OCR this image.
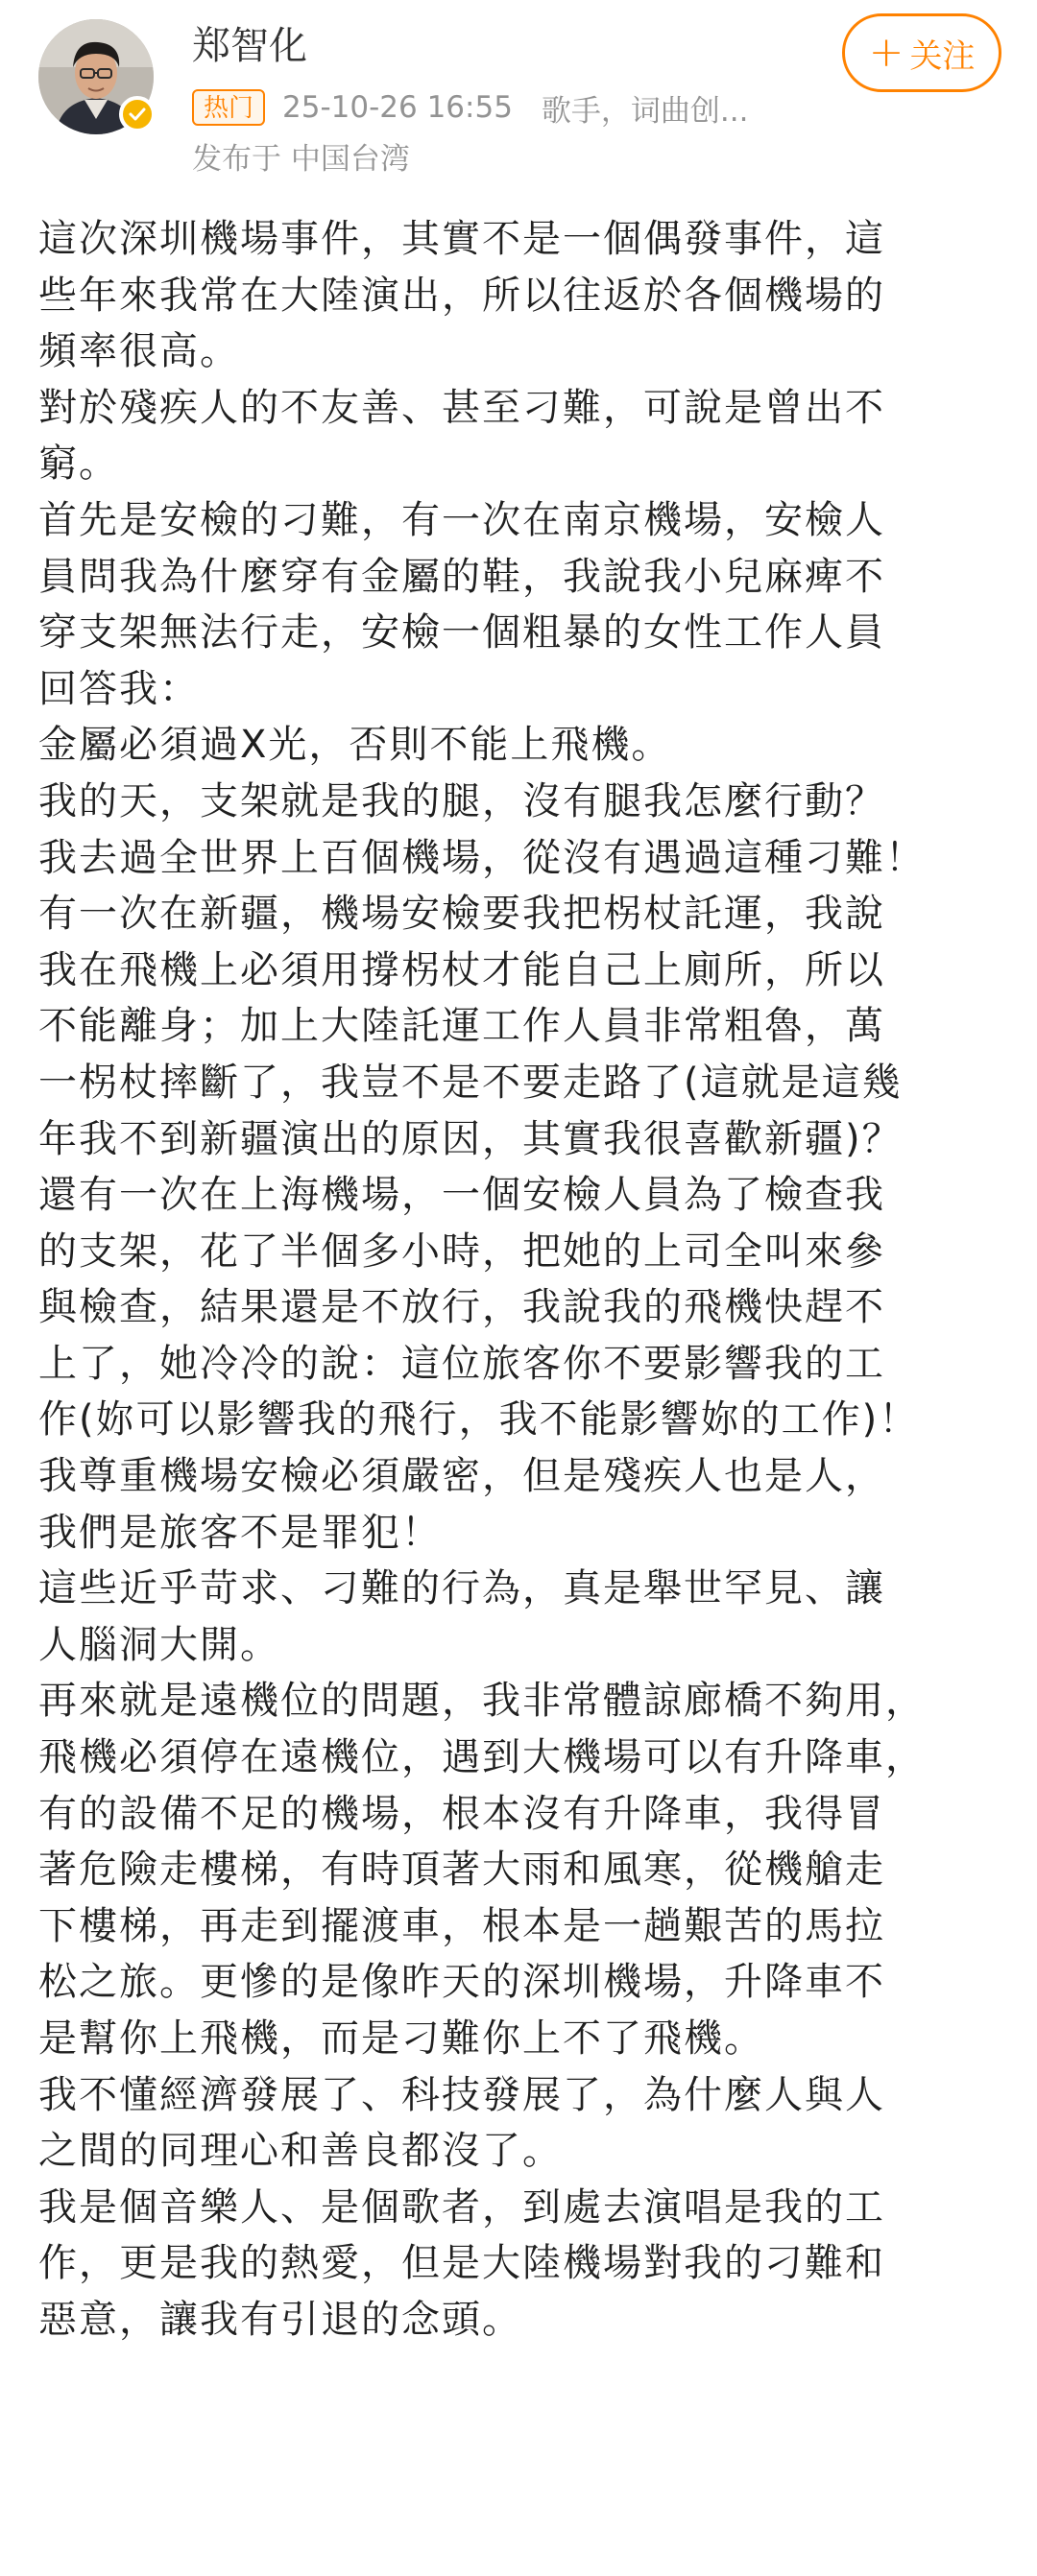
郑智化
热门 25-10-26 16:55 歌手，词曲创...
发布于 中国台湾
+ 关注
這次深圳機場事件，其實不是一個偶發事件，這
些年來我常在大陸演出，所以往返於各個機場的
頻率很高。
對於殘疾人的不友善、甚至刁難，可說是曾出不
窮。
首先是安檢的刁難，有一次在南京機場，安檢人
員問我為什麼穿有金屬的鞋，我說我小兒麻痺不
穿支架無法行走，安檢一個粗暴的女性工作人員
回答我：
金屬必須過X光，否則不能上飛機。
我的天，支架就是我的腿，沒有腿我怎麼行動？
我去過全世界上百個機場，從沒有遇過這種刁難！
有一次在新疆，機場安檢要我把柺杖託運，我說
我在飛機上必須用撐柺杖才能自己上廁所，所以
不能離身；加上大陸託運工作人員非常粗魯，萬
一柺杖摔斷了，我豈不是不要走路了(這就是這幾
年我不到新疆演出的原因，其實我很喜歡新疆)？
還有一次在上海機場，一個安檢人員為了檢查我
的支架，花了半個多小時，把她的上司全叫來參
與檢查，結果還是不放行，我說我的飛機快趕不
上了，她冷冷的說：這位旅客你不要影響我的工
作(妳可以影響我的飛行，我不能影響妳的工作)！
我尊重機場安檢必須嚴密，但是殘疾人也是人，
我們是旅客不是罪犯！
這些近乎苛求、刁難的行為，真是舉世罕見、讓
人腦洞大開。
再來就是遠機位的問題，我非常體諒廊橋不夠用，
飛機必須停在遠機位，遇到大機場可以有升降車，
有的設備不足的機場，根本沒有升降車，我得冒
著危險走樓梯，有時頂著大雨和風寒，從機艙走
下樓梯，再走到擺渡車，根本是一趟艱苦的馬拉
松之旅。更慘的是像昨天的深圳機場，升降車不
是幫你上飛機，而是刁難你上不了飛機。
我不懂經濟發展了、科技發展了，為什麼人與人
之間的同理心和善良都沒了。
我是個音樂人、是個歌者，到處去演唱是我的工
作，更是我的熱愛，但是大陸機場對我的刁難和
惡意，讓我有引退的念頭。
